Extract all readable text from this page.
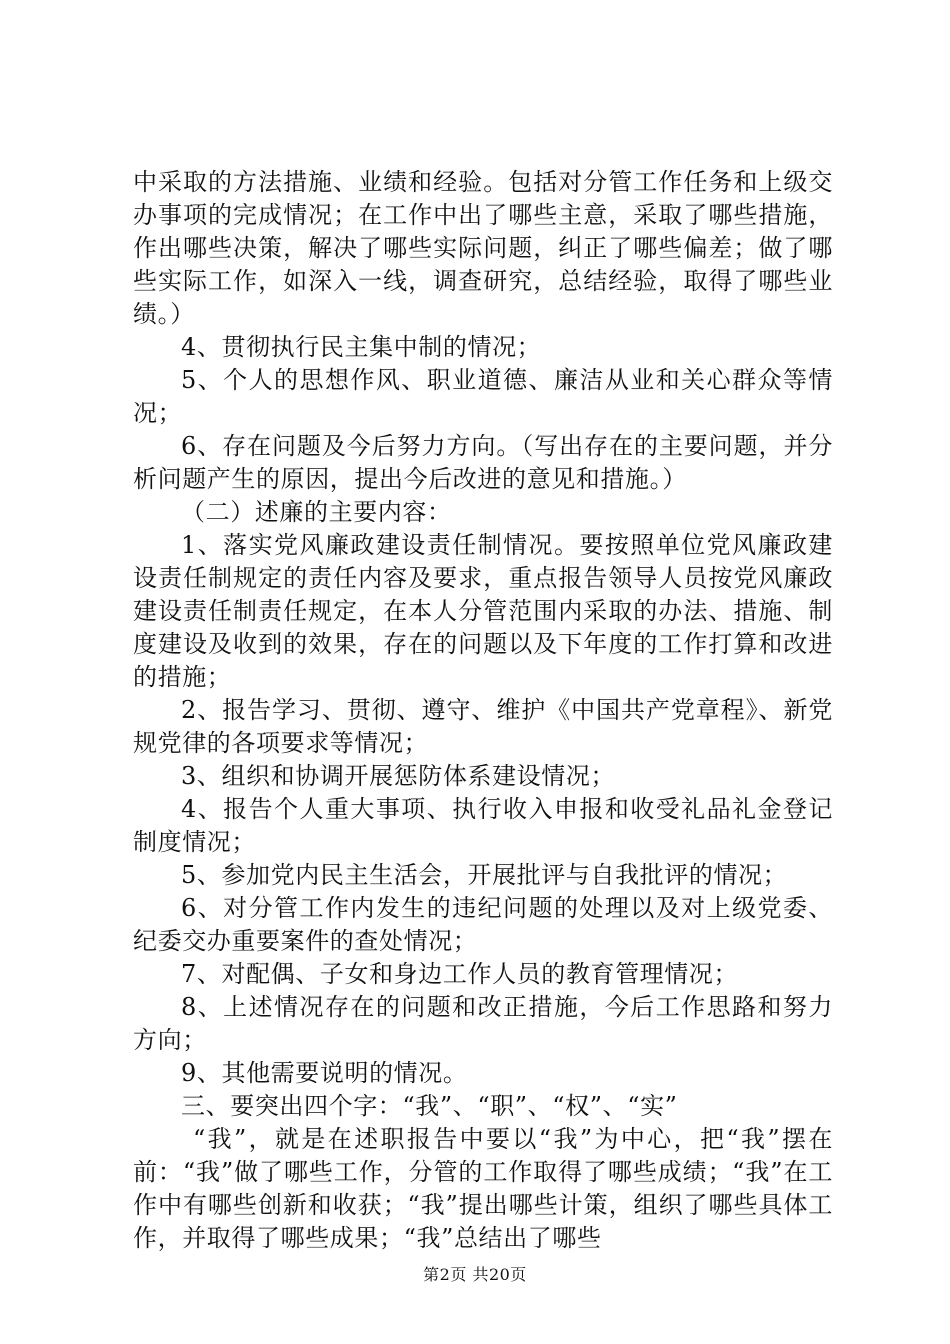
中采取的方法措施、业绩和经验。包括对分管工作任务和上级交办事项的完成情况；在工作中出了哪些主意，采取了哪些措施，作出哪些决策，解决了哪些实际问题，纠正了哪些偏差；做了哪些实际工作，如深入一线，调查研究，总结经验，取得了哪些业绩。）

4、贯彻执行民主集中制的情况；

5、个人的思想作风、职业道德、廉洁从业和关心群众等情况；

6、存在问题及今后努力方向。（写出存在的主要问题，并分析问题产生的原因，提出今后改进的意见和措施。）

（二）述廉的主要内容：

1、落实党风廉政建设责任制情况。要按照单位党风廉政建设责任制规定的责任内容及要求，重点报告领导人员按党风廉政建设责任制责任规定，在本人分管范围内采取的办法、措施、制度建设及收到的效果，存在的问题以及下年度的工作打算和改进的措施；

2、报告学习、贯彻、遵守、维护《中国共产党章程》、新党规党律的各项要求等情况；

3、组织和协调开展惩防体系建设情况；

4、报告个人重大事项、执行收入申报和收受礼品礼金登记制度情况；

5、参加党内民主生活会，开展批评与自我批评的情况；

6、对分管工作内发生的违纪问题的处理以及对上级党委、纪委交办重要案件的查处情况；

7、对配偶、子女和身边工作人员的教育管理情况；

8、上述情况存在的问题和改正措施，今后工作思路和努力方向；

9、其他需要说明的情况。

三、要突出四个字：“我”、“职”、“权”、“实”

“我”，就是在述职报告中要以“我”为中心，把“我”摆在前：“我”做了哪些工作，分管的工作取得了哪些成绩；“我”在工作中有哪些创新和收获；“我”提出哪些计策，组织了哪些具体工作，并取得了哪些成果；“我”总结出了哪些

第2页 共20页
